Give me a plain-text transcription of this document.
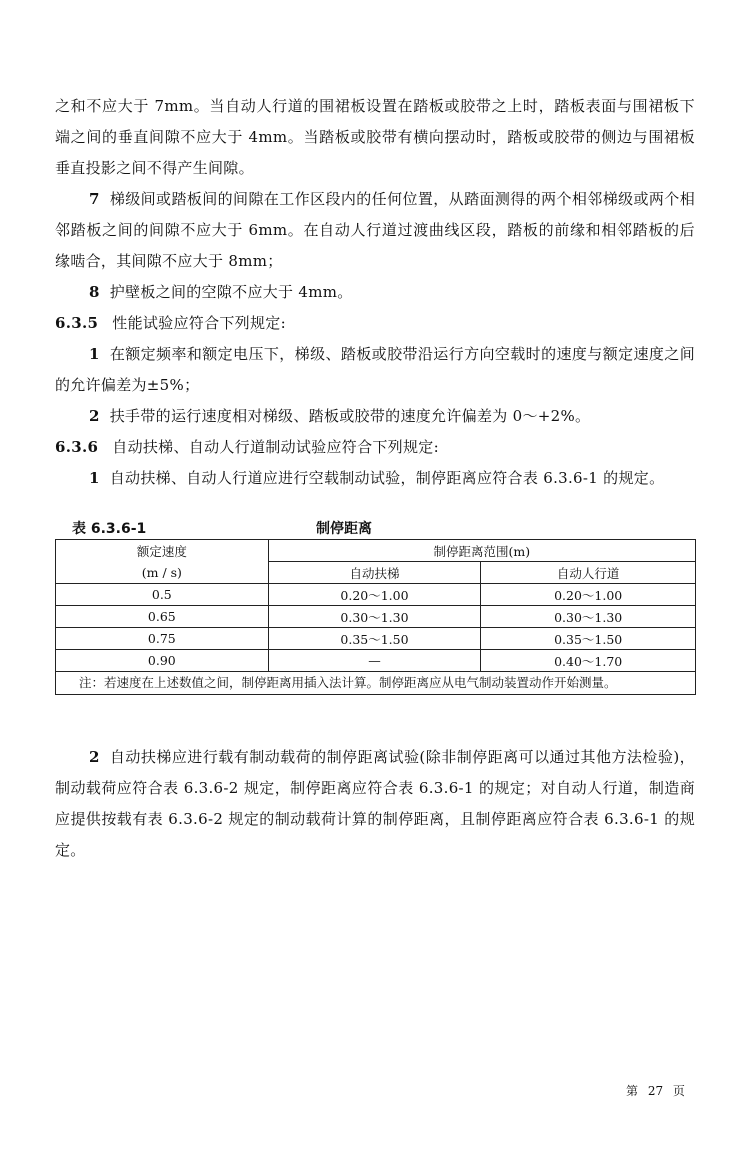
之和不应大于 7mm。当自动人行道的围裙板设置在踏板或胶带之上时，踏板表面与围裙板下端之间的垂直间隙不应大于 4mm。当踏板或胶带有横向摆动时，踏板或胶带的侧边与围裙板垂直投影之间不得产生间隙。

7 梯级间或踏板间的间隙在工作区段内的任何位置，从踏面测得的两个相邻梯级或两个相邻踏板之间的间隙不应大于 6mm。在自动人行道过渡曲线区段，踏板的前缘和相邻踏板的后缘啮合，其间隙不应大于 8mm；

8 护壁板之间的空隙不应大于 4mm。

6.3.5 性能试验应符合下列规定:

1 在额定频率和额定电压下，梯级、踏板或胶带沿运行方向空载时的速度与额定速度之间的允许偏差为±5%；

2 扶手带的运行速度相对梯级、踏板或胶带的速度允许偏差为 0～+2%。

6.3.6 自动扶梯、自动人行道制动试验应符合下列规定:

1 自动扶梯、自动人行道应进行空载制动试验，制停距离应符合表 6.3.6-1 的规定。

表 6.3.6-1	制停距离
额定速度	制停距离范围(m)	
(m / s)	自动扶梯	自动人行道
0.5	0.20～1.00	0.20～1.00
0.65	0.30～1.30	0.30～1.30
0.75	0.35～1.50	0.35～1.50
0.90	—	0.40～1.70
注：若速度在上述数值之间，制停距离用插入法计算。制停距离应从电气制动装置动作开始测量。		

2 自动扶梯应进行载有制动载荷的制停距离试验(除非制停距离可以通过其他方法检验)，制动载荷应符合表 6.3.6-2 规定，制停距离应符合表 6.3.6-1 的规定；对自动人行道，制造商应提供按载有表 6.3.6-2 规定的制动载荷计算的制停距离，且制停距离应符合表 6.3.6-1 的规定。

第 27 页
